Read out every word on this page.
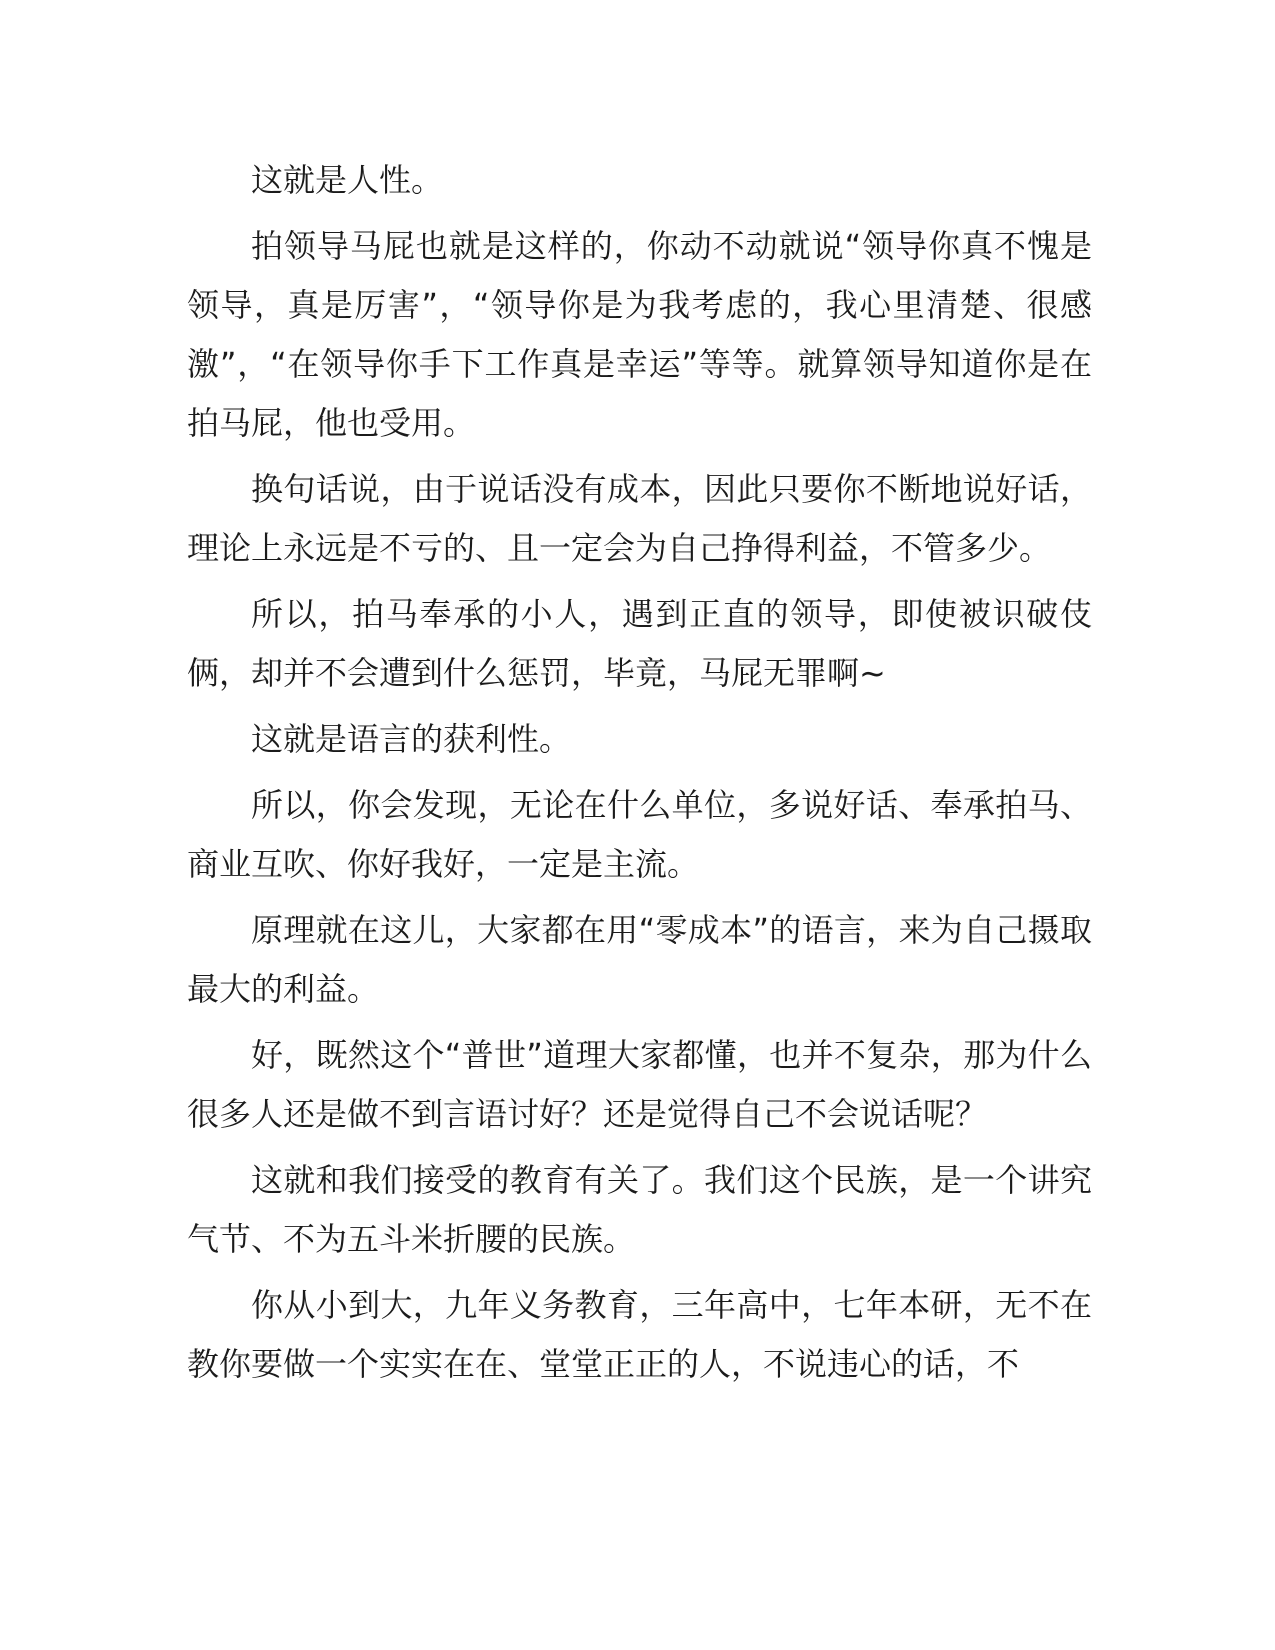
这就是人性。

拍领导马屁也就是这样的，你动不动就说“领导你真不愧是领导，真是厉害”，“领导你是为我考虑的，我心里清楚、很感激”，“在领导你手下工作真是幸运”等等。就算领导知道你是在拍马屁，他也受用。

换句话说，由于说话没有成本，因此只要你不断地说好话，理论上永远是不亏的、且一定会为自己挣得利益，不管多少。

所以，拍马奉承的小人，遇到正直的领导，即使被识破伎俩，却并不会遭到什么惩罚，毕竟，马屁无罪啊~

这就是语言的获利性。

所以，你会发现，无论在什么单位，多说好话、奉承拍马、商业互吹、你好我好，一定是主流。

原理就在这儿，大家都在用“零成本”的语言，来为自己摄取最大的利益。

好，既然这个“普世”道理大家都懂，也并不复杂，那为什么很多人还是做不到言语讨好？还是觉得自己不会说话呢？

这就和我们接受的教育有关了。我们这个民族，是一个讲究气节、不为五斗米折腰的民族。

你从小到大，九年义务教育，三年高中，七年本研，无不在教你要做一个实实在在、堂堂正正的人，不说违心的话，不
